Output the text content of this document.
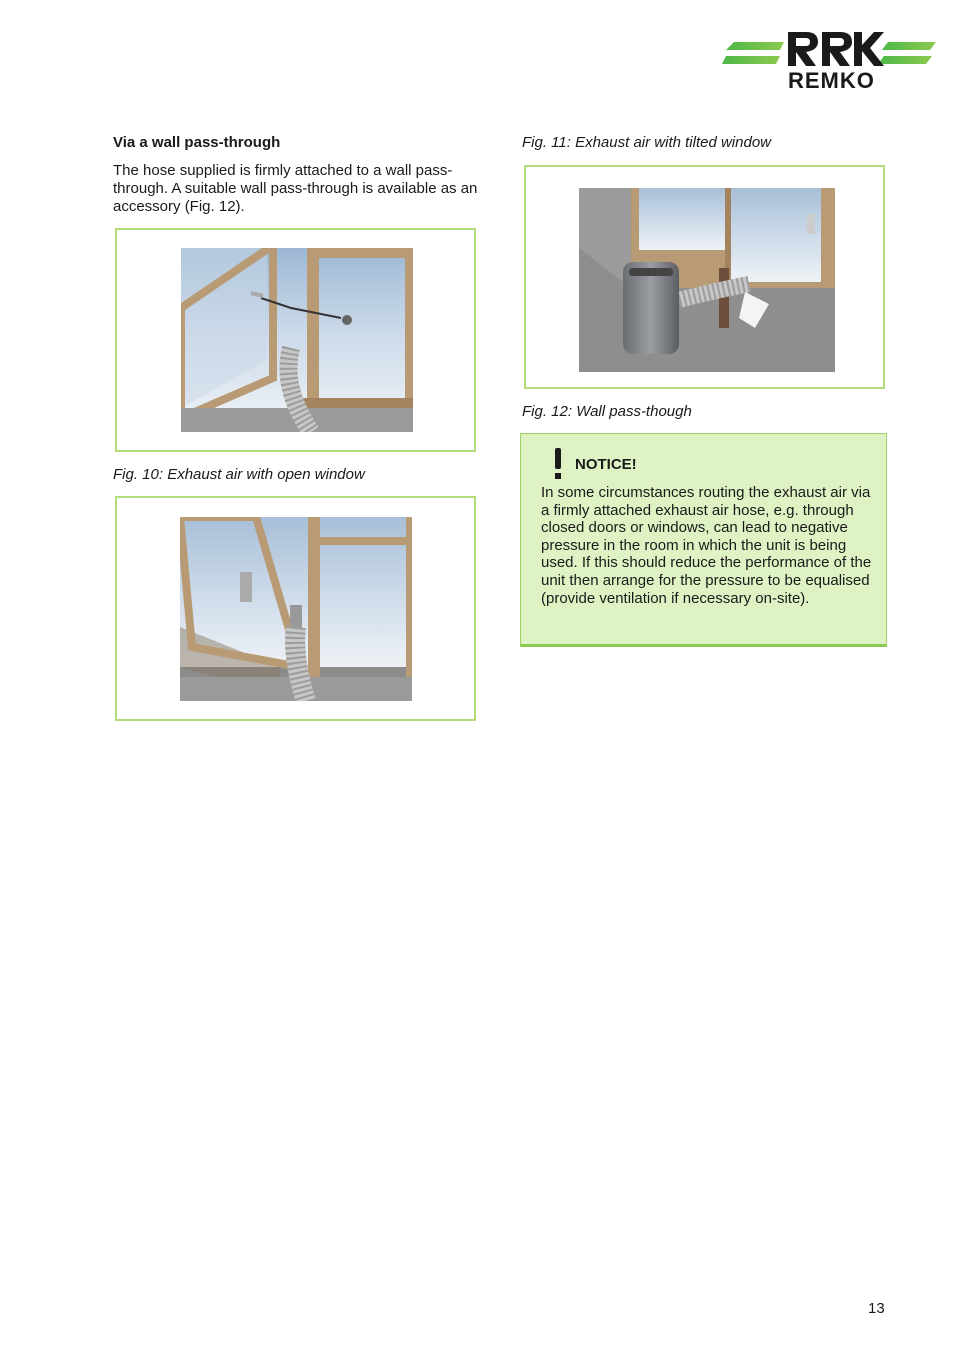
REMKO
Via a wall pass-through

The hose supplied is firmly attached to a wall pass-through. A suitable wall pass-through is available as an accessory (Fig. 12).

Fig. 10: Exhaust air with open window
Fig. 11: Exhaust air with tilted window
Fig. 12: Wall pass-though
NOTICE!

In some circumstances routing the exhaust air via a firmly attached exhaust air hose, e.g. through closed doors or windows, can lead to negative pressure in the room in which the unit is being used. If this should reduce the performance of the unit then arrange for the pressure to be equalised (provide ventilation if necessary on-site).

13
